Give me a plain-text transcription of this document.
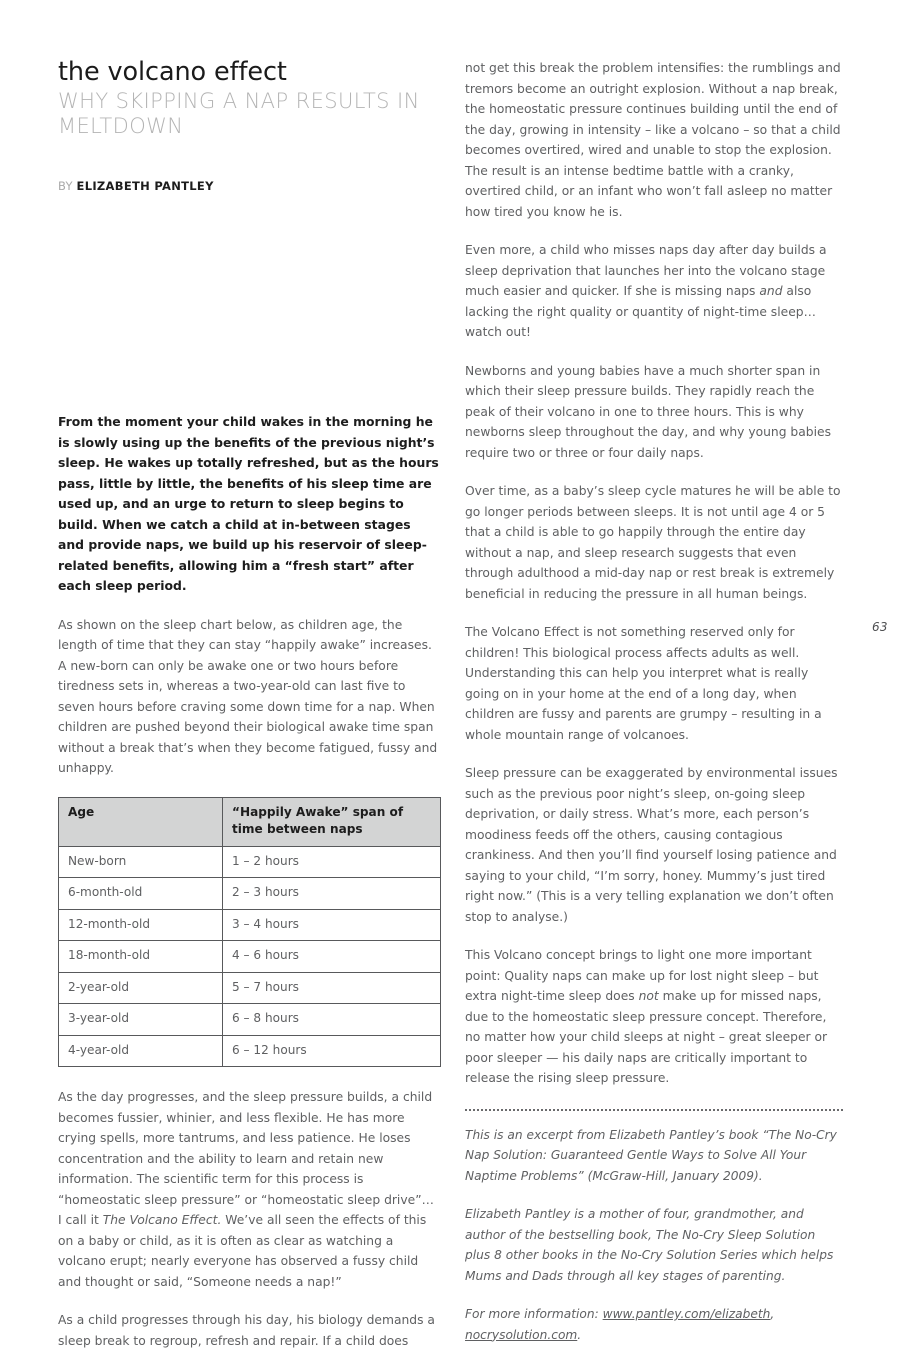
the volcano effect
WHY SKIPPING A NAP RESULTS IN MELTDOWN
BY ELIZABETH PANTLEY

From the moment your child wakes in the morning he is slowly using up the benefits of the previous night’s sleep. He wakes up totally refreshed, but as the hours pass, little by little, the benefits of his sleep time are used up, and an urge to return to sleep begins to build. When we catch a child at in-between stages and provide naps, we build up his reservoir of sleep-related benefits, allowing him a “fresh start” after each sleep period.

As shown on the sleep chart below, as children age, the length of time that they can stay “happily awake” increases. A new-born can only be awake one or two hours before tiredness sets in, whereas a two-year-old can last five to seven hours before craving some down time for a nap. When children are pushed beyond their biological awake time span without a break that’s when they become fatigued, fussy and unhappy.

Age	“Happily Awake” span of time between naps
New-born	1 – 2 hours
6-month-old	2 – 3 hours
12-month-old	3 – 4 hours
18-month-old	4 – 6 hours
2-year-old	5 – 7 hours
3-year-old	6 – 8 hours
4-year-old	6 – 12 hours

As the day progresses, and the sleep pressure builds, a child becomes fussier, whinier, and less flexible. He has more crying spells, more tantrums, and less patience. He loses concentration and the ability to learn and retain new information. The scientific term for this process is “homeostatic sleep pressure” or “homeostatic sleep drive”… I call it The Volcano Effect. We’ve all seen the effects of this on a baby or child, as it is often as clear as watching a volcano erupt; nearly everyone has observed a fussy child and thought or said, “Someone needs a nap!”

As a child progresses through his day, his biology demands a sleep break to regroup, refresh and repair. If a child does

not get this break the problem intensifies: the rumblings and tremors become an outright explosion. Without a nap break, the homeostatic pressure continues building until the end of the day, growing in intensity – like a volcano – so that a child becomes overtired, wired and unable to stop the explosion. The result is an intense bedtime battle with a cranky, overtired child, or an infant who won’t fall asleep no matter how tired you know he is.

Even more, a child who misses naps day after day builds a sleep deprivation that launches her into the volcano stage much easier and quicker. If she is missing naps and also lacking the right quality or quantity of night-time sleep…watch out!

Newborns and young babies have a much shorter span in which their sleep pressure builds. They rapidly reach the peak of their volcano in one to three hours. This is why newborns sleep throughout the day, and why young babies require two or three or four daily naps.

Over time, as a baby’s sleep cycle matures he will be able to go longer periods between sleeps. It is not until age 4 or 5 that a child is able to go happily through the entire day without a nap, and sleep research suggests that even through adulthood a mid-day nap or rest break is extremely beneficial in reducing the pressure in all human beings.

The Volcano Effect is not something reserved only for children! This biological process affects adults as well. Understanding this can help you interpret what is really going on in your home at the end of a long day, when children are fussy and parents are grumpy – resulting in a whole mountain range of volcanoes.

Sleep pressure can be exaggerated by environmental issues such as the previous poor night’s sleep, on-going sleep deprivation, or daily stress. What’s more, each person’s moodiness feeds off the others, causing contagious crankiness. And then you’ll find yourself losing patience and saying to your child, “I’m sorry, honey. Mummy’s just tired right now.” (This is a very telling explanation we don’t often stop to analyse.)

This Volcano concept brings to light one more important point: Quality naps can make up for lost night sleep – but extra night-time sleep does not make up for missed naps, due to the homeostatic sleep pressure concept. Therefore, no matter how your child sleeps at night – great sleeper or poor sleeper — his daily naps are critically important to release the rising sleep pressure.

This is an excerpt from Elizabeth Pantley’s book “The No-Cry Nap Solution: Guaranteed Gentle Ways to Solve All Your Naptime Problems” (McGraw-Hill, January 2009).

Elizabeth Pantley is a mother of four, grandmother, and author of the bestselling book, The No-Cry Sleep Solution plus 8 other books in the No-Cry Solution Series which helps Mums and Dads through all key stages of parenting.

For more information: www.pantley.com/elizabeth, nocrysolution.com.

63
